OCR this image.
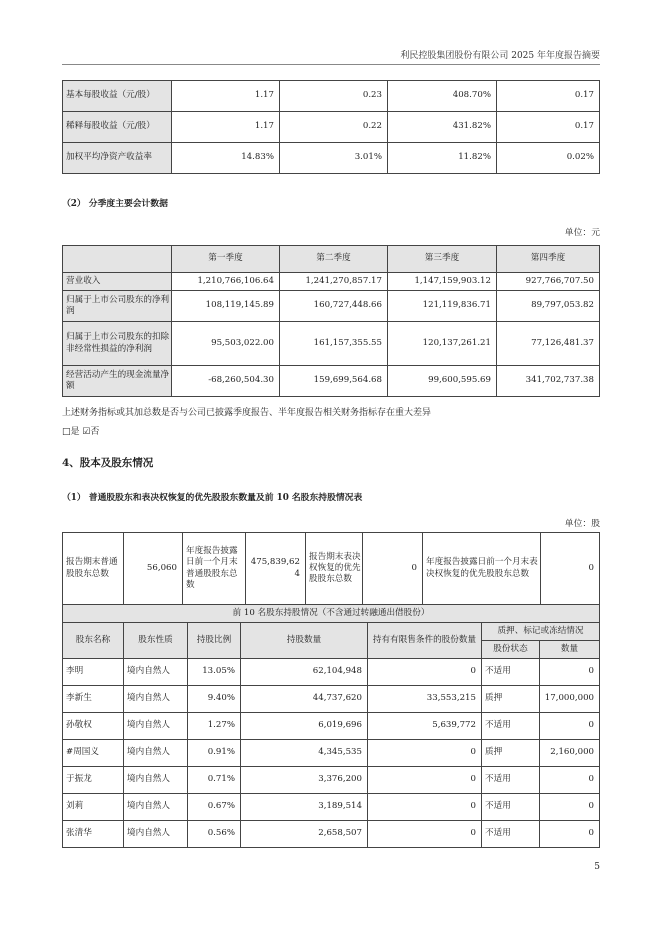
利民控股集团股份有限公司 2025 年年度报告摘要
基本每股收益（元/股）	1.17	0.23	408.70%	0.17
稀释每股收益（元/股）	1.17	0.22	431.82%	0.17
加权平均净资产收益率	14.83%	3.01%	11.82%	0.02%
（2） 分季度主要会计数据
单位：元
	第一季度	第二季度	第三季度	第四季度
营业收入	1,210,766,106.64	1,241,270,857.17	1,147,159,903.12	927,766,707.50
归属于上市公司股东的净利润	108,119,145.89	160,727,448.66	121,119,836.71	89,797,053.82
归属于上市公司股东的扣除非经常性损益的净利润	95,503,022.00	161,157,355.55	120,137,261.21	77,126,481.37
经营活动产生的现金流量净额	-68,260,504.30	159,699,564.68	99,600,595.69	341,702,737.38
上述财务指标或其加总数是否与公司已披露季度报告、半年度报告相关财务指标存在重大差异
□是 ☑否
4、股本及股东情况
（1） 普通股股东和表决权恢复的优先股股东数量及前 10 名股东持股情况表
单位：股
报告期末普通股股东总数	56,060	年度报告披露日前一个月末普通股股东总数	475,839,624	报告期末表决权恢复的优先股股东总数	0	年度报告披露日前一个月末表决权恢复的优先股股东总数	0
前 10 名股东持股情况（不含通过转融通出借股份）						
股东名称	股东性质	持股比例	持股数量	持有有限售条件的股份数量	质押、标记或冻结情况	
					股份状态	数量
李明	境内自然人	13.05%	62,104,948	0	不适用	0
李新生	境内自然人	9.40%	44,737,620	33,553,215	质押	17,000,000
孙敬权	境内自然人	1.27%	6,019,696	5,639,772	不适用	0
#周国义	境内自然人	0.91%	4,345,535	0	质押	2,160,000
于振龙	境内自然人	0.71%	3,376,200	0	不适用	0
刘莉	境内自然人	0.67%	3,189,514	0	不适用	0
张清华	境内自然人	0.56%	2,658,507	0	不适用	0
5
